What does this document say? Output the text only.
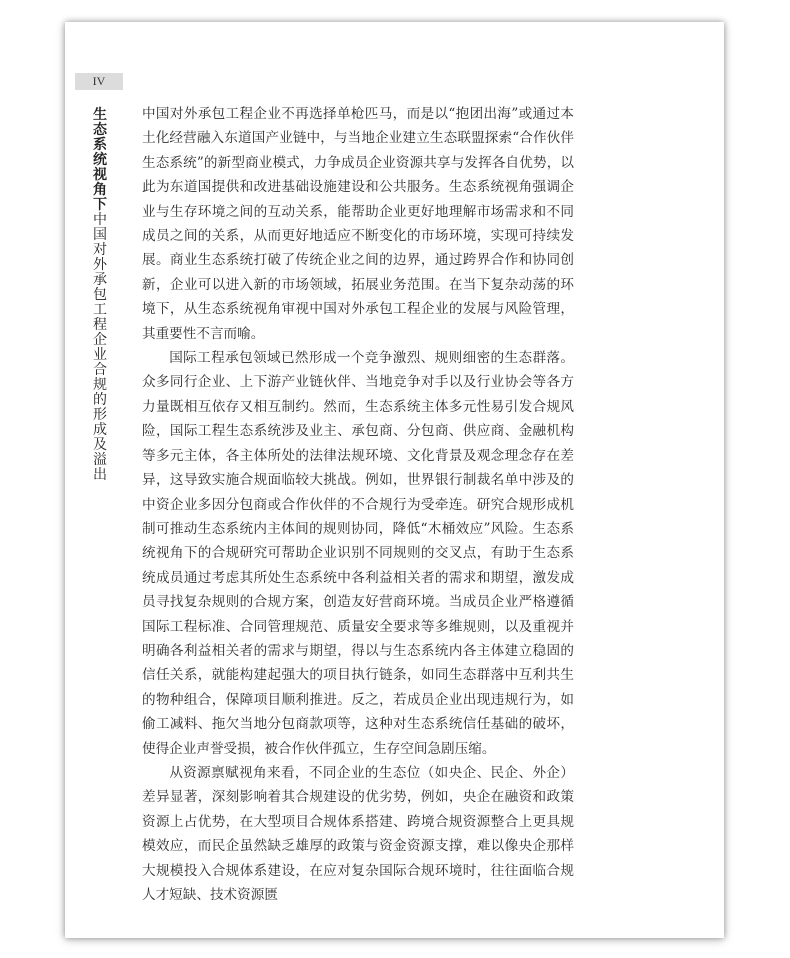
IV
生态系统视角下中国对外承包工程企业合规的形成及溢出

中国对外承包工程企业不再选择单枪匹马，而是以“抱团出海”或通过本土化经营融入东道国产业链中，与当地企业建立生态联盟探索“合作伙伴生态系统”的新型商业模式，力争成员企业资源共享与发挥各自优势，以此为东道国提供和改进基础设施建设和公共服务。生态系统视角强调企业与生存环境之间的互动关系，能帮助企业更好地理解市场需求和不同成员之间的关系，从而更好地适应不断变化的市场环境，实现可持续发展。商业生态系统打破了传统企业之间的边界，通过跨界合作和协同创新，企业可以进入新的市场领域，拓展业务范围。在当下复杂动荡的环境下，从生态系统视角审视中国对外承包工程企业的发展与风险管理，其重要性不言而喻。

国际工程承包领域已然形成一个竞争激烈、规则细密的生态群落。众多同行企业、上下游产业链伙伴、当地竞争对手以及行业协会等各方力量既相互依存又相互制约。然而，生态系统主体多元性易引发合规风险，国际工程生态系统涉及业主、承包商、分包商、供应商、金融机构等多元主体，各主体所处的法律法规环境、文化背景及观念理念存在差异，这导致实施合规面临较大挑战。例如，世界银行制裁名单中涉及的中资企业多因分包商或合作伙伴的不合规行为受牵连。研究合规形成机制可推动生态系统内主体间的规则协同，降低“木桶效应”风险。生态系统视角下的合规研究可帮助企业识别不同规则的交叉点，有助于生态系统成员通过考虑其所处生态系统中各利益相关者的需求和期望，激发成员寻找复杂规则的合规方案，创造友好营商环境。当成员企业严格遵循国际工程标准、合同管理规范、质量安全要求等多维规则，以及重视并明确各利益相关者的需求与期望，得以与生态系统内各主体建立稳固的信任关系，就能构建起强大的项目执行链条，如同生态群落中互利共生的物种组合，保障项目顺利推进。反之，若成员企业出现违规行为，如偷工减料、拖欠当地分包商款项等，这种对生态系统信任基础的破坏，使得企业声誉受损，被合作伙伴孤立，生存空间急剧压缩。

从资源禀赋视角来看，不同企业的生态位（如央企、民企、外企）差异显著，深刻影响着其合规建设的优劣势，例如，央企在融资和政策资源上占优势，在大型项目合规体系搭建、跨境合规资源整合上更具规模效应，而民企虽然缺乏雄厚的政策与资金资源支撑，难以像央企那样大规模投入合规体系建设，在应对复杂国际合规环境时，往往面临合规人才短缺、技术资源匮
